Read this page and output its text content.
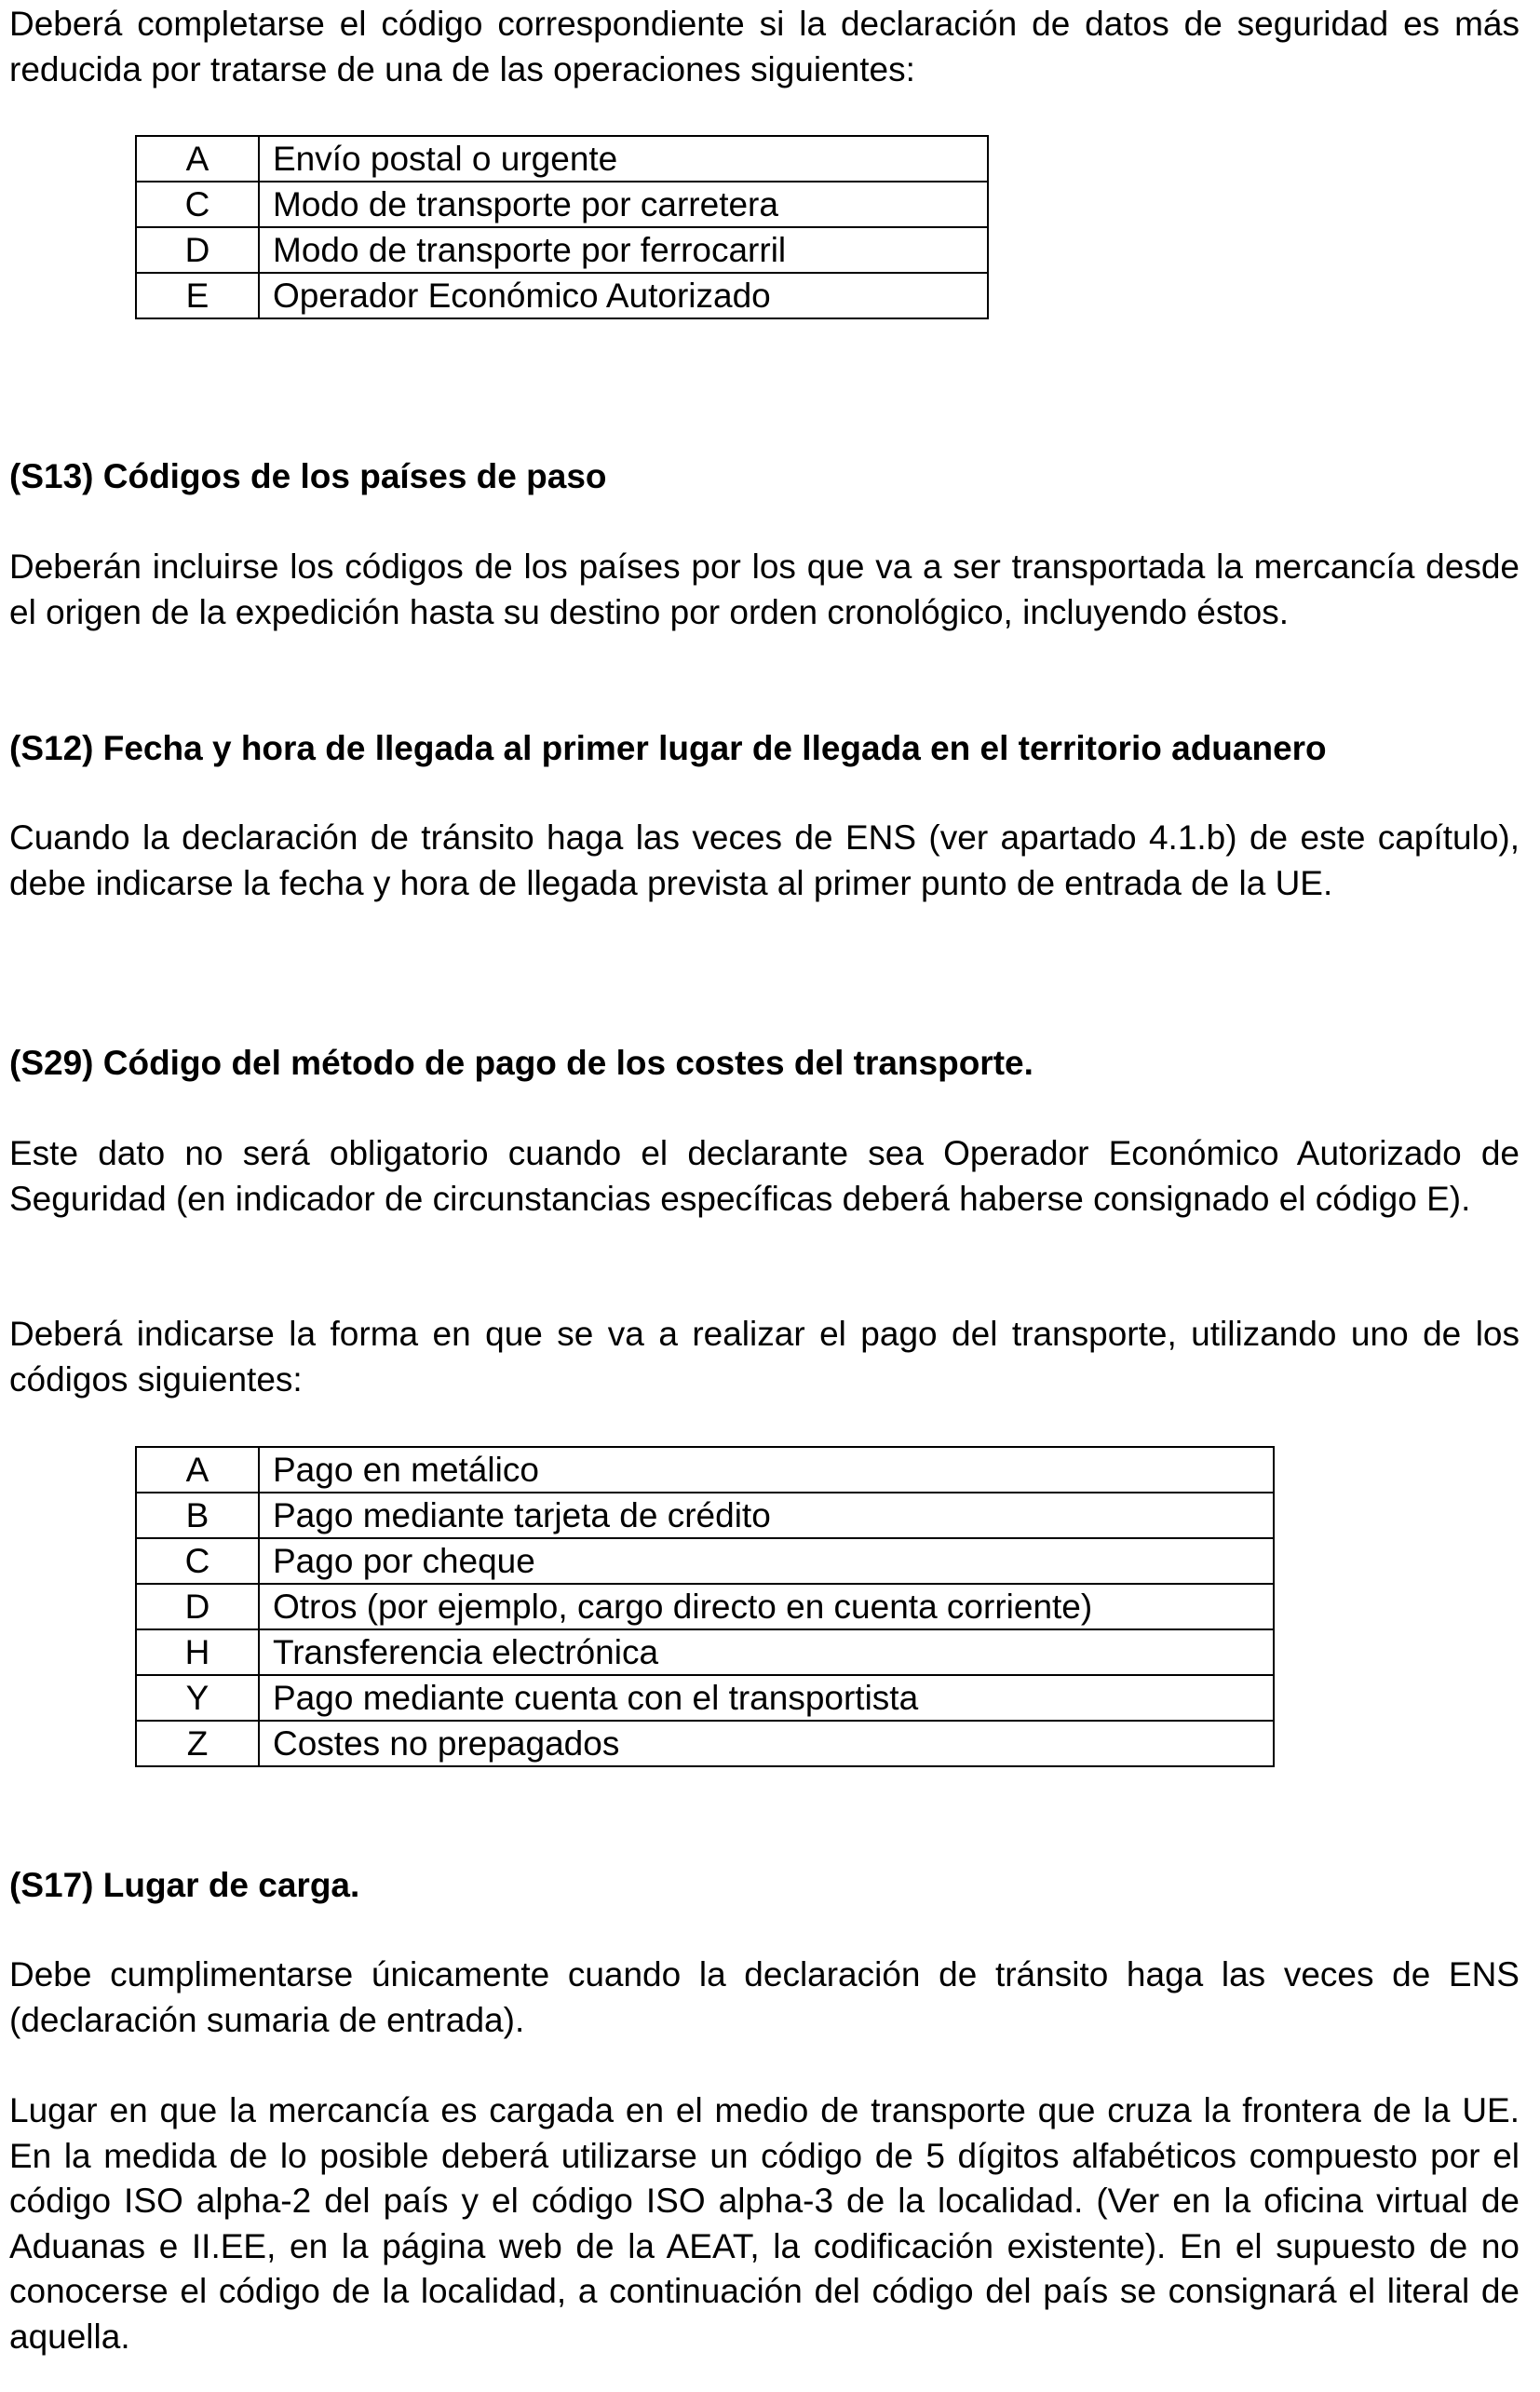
Deberá completarse el código correspondiente si la declaración de datos de seguridad es más reducida por tratarse de una de las operaciones siguientes:

A	Envío postal o urgente
C	Modo de transporte por carretera
D	Modo de transporte por ferrocarril
E	Operador Económico Autorizado
(S13) Códigos de los países de paso

Deberán incluirse los códigos de los países por los que va a ser transportada la mercancía desde el origen de la expedición hasta su destino por orden cronológico, incluyendo éstos.

(S12) Fecha y hora de llegada al primer lugar de llegada en el territorio aduanero

Cuando la declaración de tránsito haga las veces de ENS (ver apartado 4.1.b) de este capítulo), debe indicarse la fecha y hora de llegada prevista al primer punto de entrada de la UE.

(S29) Código del método de pago de los costes del transporte.

Este dato no será obligatorio cuando el declarante sea Operador Económico Autorizado de Seguridad (en indicador de circunstancias específicas deberá haberse consignado el código E).

Deberá indicarse la forma en que se va a realizar el pago del transporte, utilizando uno de los códigos siguientes:

A	Pago en metálico
B	Pago mediante tarjeta de crédito
C	Pago por cheque
D	Otros (por ejemplo, cargo directo en cuenta corriente)
H	Transferencia electrónica
Y	Pago mediante cuenta con el transportista
Z	Costes no prepagados
(S17) Lugar de carga.

Debe cumplimentarse únicamente cuando la declaración de tránsito haga las veces de ENS (declaración sumaria de entrada).

Lugar en que la mercancía es cargada en el medio de transporte que cruza la frontera de la UE. En la medida de lo posible deberá utilizarse un código de 5 dígitos alfabéticos compuesto por el código ISO alpha-2 del país y el código ISO alpha-3 de la localidad. (Ver en la oficina virtual de Aduanas e II.EE, en la página web de la AEAT, la codificación existente). En el supuesto de no conocerse el código de la localidad, a continuación del código del país se consignará el literal de aquella.
